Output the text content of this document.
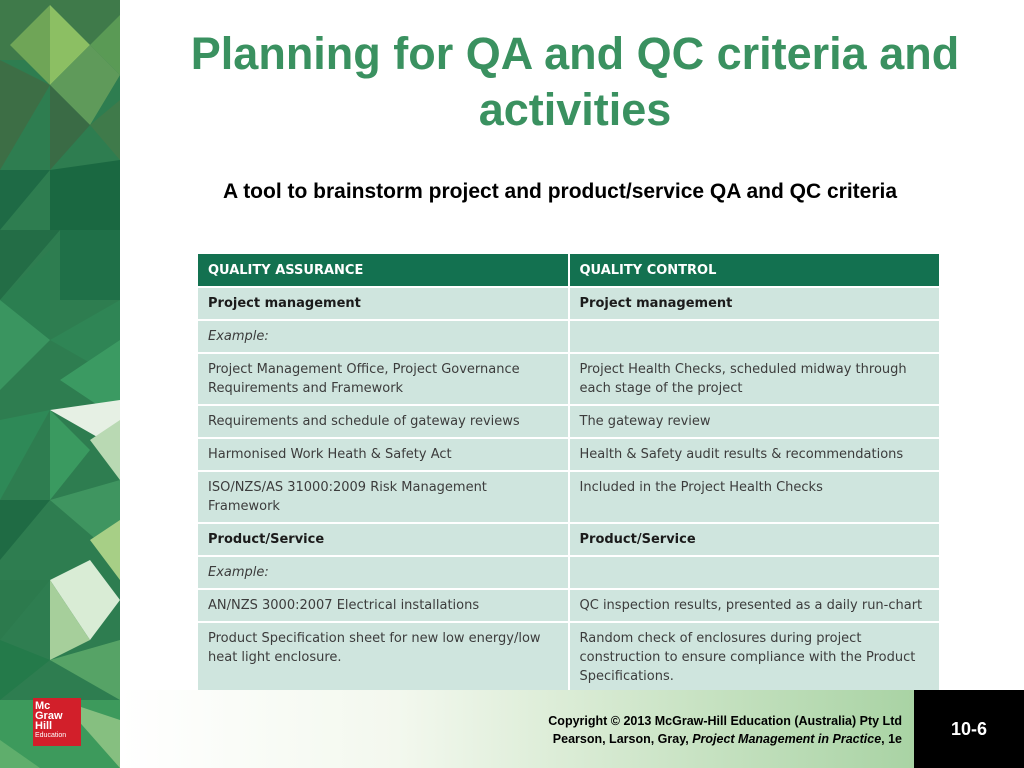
Mc
Graw
Hill
Education
Planning for QA and QC criteria and activities
A tool to brainstorm project and product/service QA and QC criteria
QUALITY ASSURANCE	QUALITY CONTROL
Project management	Project management
Example:	
Project Management Office, Project Governance Requirements and Framework	Project Health Checks, scheduled midway through each stage of the project
Requirements and schedule of gateway reviews	The gateway review
Harmonised Work Heath & Safety Act	Health & Safety audit results & recommendations
ISO/NZS/AS 31000:2009 Risk Management Framework	Included in the Project Health Checks
Product/Service	Product/Service
Example:	
AN/NZS 3000:2007 Electrical installations	QC inspection results, presented as a daily run-chart
Product Specification sheet for new low energy/low heat light enclosure.	Random check of enclosures during project construction to ensure compliance with the Product Specifications.
Copyright © 2013 McGraw-Hill Education (Australia) Pty Ltd
Pearson, Larson, Gray, Project Management in Practice, 1e
10-6
